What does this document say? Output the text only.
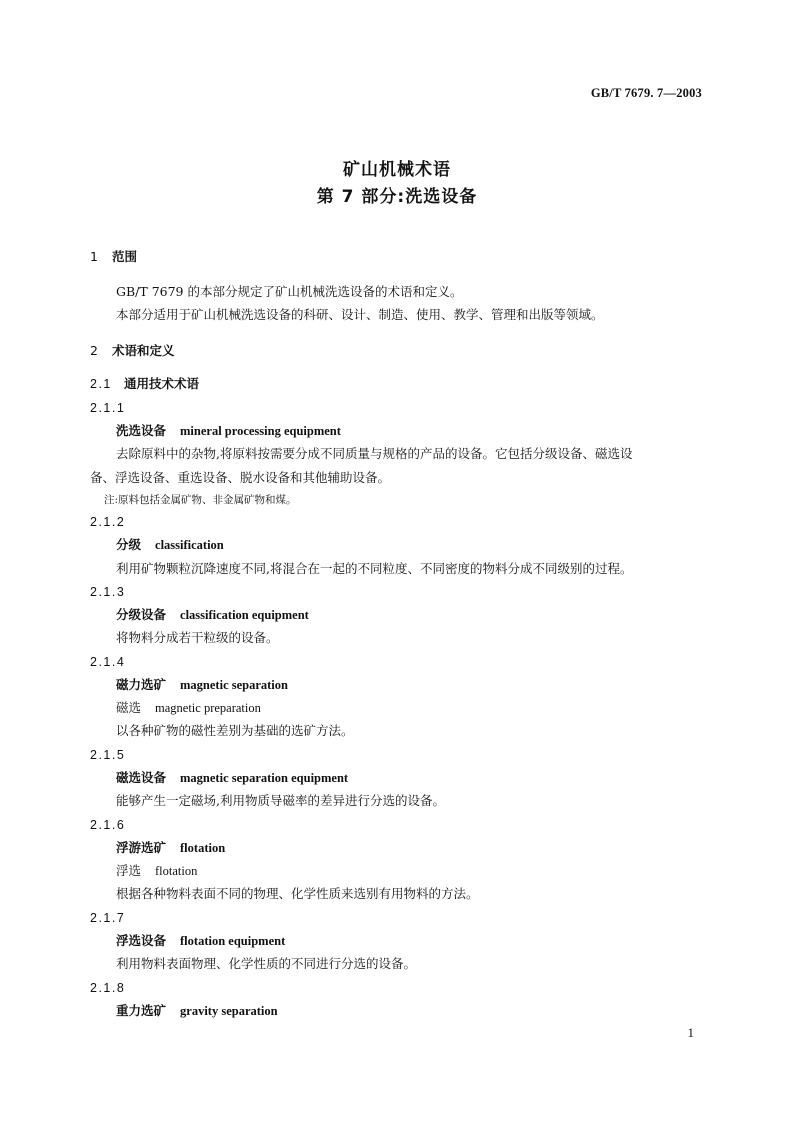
GB/T 7679. 7—2003
矿山机械术语
第 7 部分:洗选设备
1 范围
GB/T 7679 的本部分规定了矿山机械洗选设备的术语和定义。
本部分适用于矿山机械洗选设备的科研、设计、制造、使用、教学、管理和出版等领域。
2 术语和定义
2.1 通用技术术语
2.1.1
洗选设备 mineral processing equipment
去除原料中的杂物,将原料按需要分成不同质量与规格的产品的设备。它包括分级设备、磁选设
备、浮选设备、重选设备、脱水设备和其他辅助设备。
注:原料包括金属矿物、非金属矿物和煤。
2.1.2
分级 classification
利用矿物颗粒沉降速度不同,将混合在一起的不同粒度、不同密度的物料分成不同级别的过程。
2.1.3
分级设备 classification equipment
将物料分成若干粒级的设备。
2.1.4
磁力选矿 magnetic separation
磁选 magnetic preparation
以各种矿物的磁性差别为基础的选矿方法。
2.1.5
磁选设备 magnetic separation equipment
能够产生一定磁场,利用物质导磁率的差异进行分选的设备。
2.1.6
浮游选矿 flotation
浮选 flotation
根据各种物料表面不同的物理、化学性质来选别有用物料的方法。
2.1.7
浮选设备 flotation equipment
利用物料表面物理、化学性质的不同进行分选的设备。
2.1.8
重力选矿 gravity separation
1
